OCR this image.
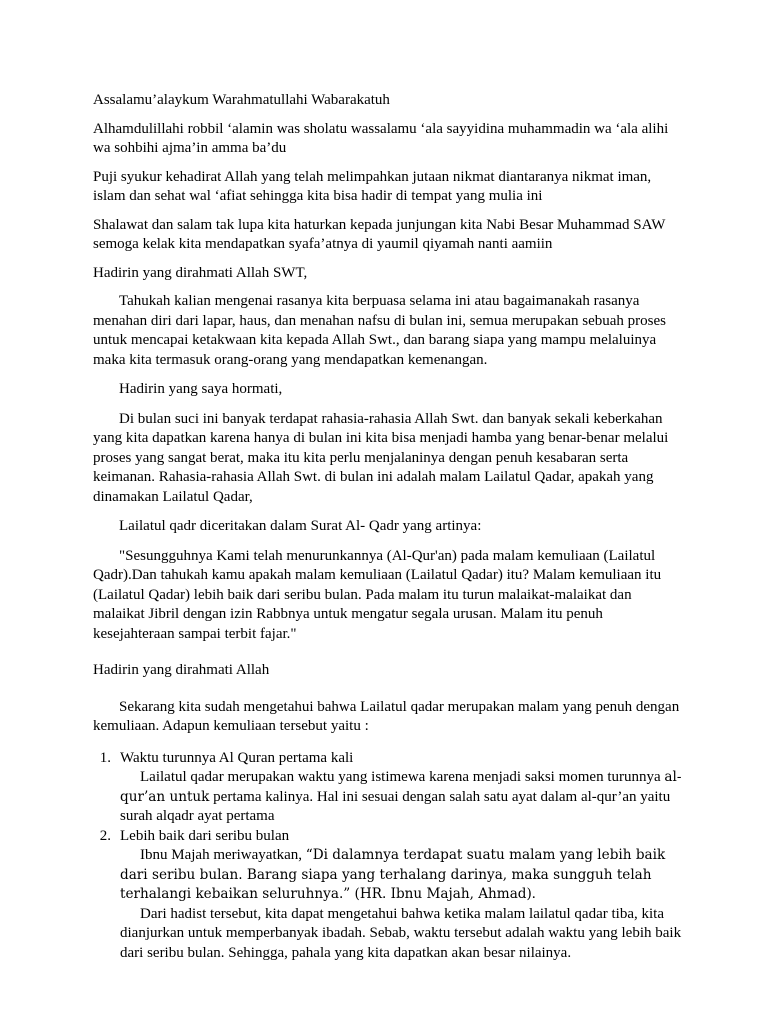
Assalamu’alaykum Warahmatullahi Wabarakatuh

Alhamdulillahi robbil ‘alamin was sholatu wassalamu ‘ala sayyidina muhammadin wa ‘ala alihi wa sohbihi ajma’in amma ba’du

Puji syukur kehadirat Allah yang telah melimpahkan jutaan nikmat diantaranya nikmat iman, islam dan sehat wal ‘afiat sehingga kita bisa hadir di tempat yang mulia ini

Shalawat dan salam tak lupa kita haturkan kepada junjungan kita Nabi Besar Muhammad SAW semoga kelak kita mendapatkan syafa’atnya di yaumil qiyamah nanti aamiin

Hadirin yang dirahmati Allah SWT,

Tahukah kalian mengenai rasanya kita berpuasa selama ini atau bagaimanakah rasanya menahan diri dari lapar, haus, dan menahan nafsu di bulan ini, semua merupakan sebuah proses untuk mencapai ketakwaan kita kepada Allah Swt., dan barang siapa yang mampu melaluinya maka kita termasuk orang-orang yang mendapatkan kemenangan.

Hadirin yang saya hormati,

Di bulan suci ini banyak terdapat rahasia-rahasia Allah Swt. dan banyak sekali keberkahan yang kita dapatkan karena hanya di bulan ini kita bisa menjadi hamba yang benar-benar melalui proses yang sangat berat, maka itu kita perlu menjalaninya dengan penuh kesabaran serta keimanan. Rahasia-rahasia Allah Swt. di bulan ini adalah malam Lailatul Qadar, apakah yang dinamakan Lailatul Qadar,

Lailatul qadr diceritakan dalam Surat Al- Qadr yang artinya:

"Sesungguhnya Kami telah menurunkannya (Al-Qur'an) pada malam kemuliaan (Lailatul Qadr).Dan tahukah kamu apakah malam kemuliaan (Lailatul Qadar) itu? Malam kemuliaan itu (Lailatul Qadar) lebih baik dari seribu bulan. Pada malam itu turun malaikat-malaikat dan malaikat Jibril dengan izin Rabbnya untuk mengatur segala urusan. Malam itu penuh kesejahteraan sampai terbit fajar."

Hadirin yang dirahmati Allah

Sekarang kita sudah mengetahui bahwa Lailatul qadar merupakan malam yang penuh dengan kemuliaan. Adapun kemuliaan tersebut yaitu :

1. Waktu turunnya Al Quran pertama kali

Lailatul qadar merupakan waktu yang istimewa karena menjadi saksi momen turunnya al-qur’an untuk pertama kalinya. Hal ini sesuai dengan salah satu ayat dalam al-qur’an yaitu surah alqadr ayat pertama

2. Lebih baik dari seribu bulan

Ibnu Majah meriwayatkan, “Di dalamnya terdapat suatu malam yang lebih baik dari seribu bulan. Barang siapa yang terhalang darinya, maka sungguh telah terhalangi kebaikan seluruhnya.” (HR. Ibnu Majah, Ahmad).

Dari hadist tersebut, kita dapat mengetahui bahwa ketika malam lailatul qadar tiba, kita dianjurkan untuk memperbanyak ibadah. Sebab, waktu tersebut adalah waktu yang lebih baik dari seribu bulan. Sehingga, pahala yang kita dapatkan akan besar nilainya.
